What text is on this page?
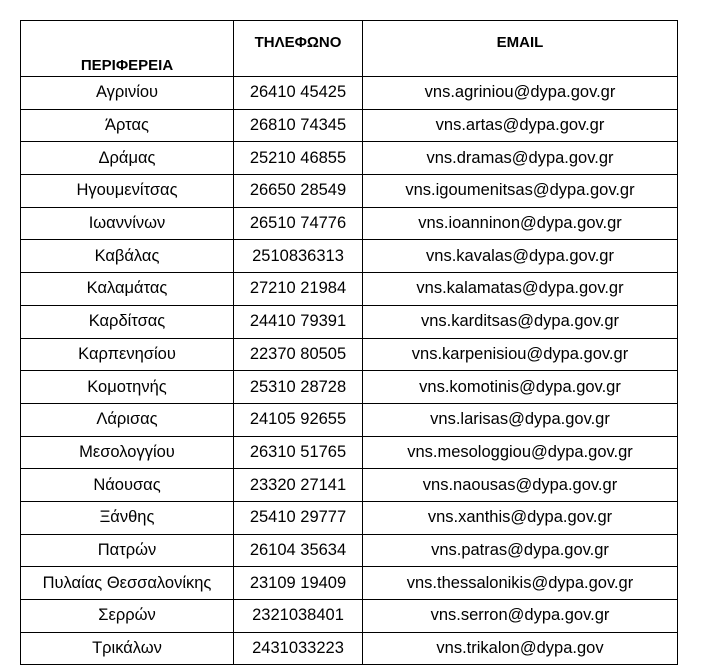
ΠΕΡΙΦΕΡΕΙΑ	ΤΗΛΕΦΩΝΟ	EMAIL
Αγρινίου	26410 45425	vns.agriniou@dypa.gov.gr
Άρτας	26810 74345	vns.artas@dypa.gov.gr
Δράμας	25210 46855	vns.dramas@dypa.gov.gr
Ηγουμενίτσας	26650 28549	vns.igoumenitsas@dypa.gov.gr
Ιωαννίνων	26510 74776	vns.ioanninon@dypa.gov.gr
Καβάλας	2510836313	vns.kavalas@dypa.gov.gr
Καλαμάτας	27210 21984	vns.kalamatas@dypa.gov.gr
Καρδίτσας	24410 79391	vns.karditsas@dypa.gov.gr
Καρπενησίου	22370 80505	vns.karpenisiou@dypa.gov.gr
Κομοτηνής	25310 28728	vns.komotinis@dypa.gov.gr
Λάρισας	24105 92655	vns.larisas@dypa.gov.gr
Μεσολογγίου	26310 51765	vns.mesologgiou@dypa.gov.gr
Νάουσας	23320 27141	vns.naousas@dypa.gov.gr
Ξάνθης	25410 29777	vns.xanthis@dypa.gov.gr
Πατρών	26104 35634	vns.patras@dypa.gov.gr
Πυλαίας Θεσσαλονίκης	23109 19409	vns.thessalonikis@dypa.gov.gr
Σερρών	2321038401	vns.serron@dypa.gov.gr
Τρικάλων	2431033223	vns.trikalon@dypa.gov
